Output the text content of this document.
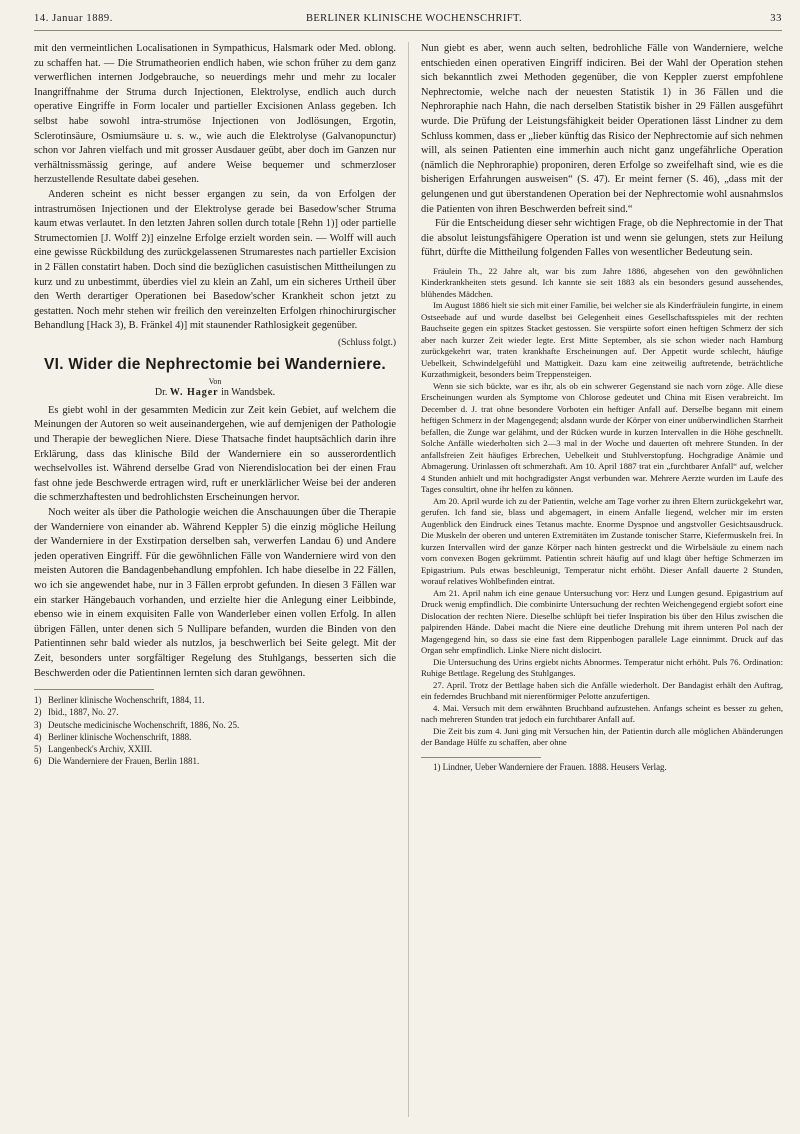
14. Januar 1889.	BERLINER KLINISCHE WOCHENSCHRIFT.	33

mit den vermeintlichen Localisationen in Sympathicus, Halsmark oder Med. oblong. zu schaffen hat. — Die Strumatheorien endlich haben, wie schon früher zu dem ganz verwerflichen internen Jodgebrauche, so neuerdings mehr und mehr zu localer Inangriffnahme der Struma durch Injectionen, Elektrolyse, endlich auch durch operative Eingriffe in Form localer und partieller Excisionen Anlass gegeben. Ich selbst habe sowohl intra-strumöse Injectionen von Jodlösungen, Ergotin, Sclerotinsäure, Osmiumsäure u. s. w., wie auch die Elektrolyse (Galvanopunctur) schon vor Jahren vielfach und mit grosser Ausdauer geübt, aber doch im Ganzen nur verhältnissmässig geringe, auf andere Weise bequemer und schmerzloser herzustellende Resultate dabei gesehen.

Anderen scheint es nicht besser ergangen zu sein, da von Erfolgen der intrastrumösen Injectionen und der Elektrolyse gerade bei Basedow'scher Struma kaum etwas verlautet. In den letzten Jahren sollen durch totale [Rehn 1)] oder partielle Strumectomien [J. Wolff 2)] einzelne Erfolge erzielt worden sein. — Wolff will auch eine gewisse Rückbildung des zurückgelassenen Strumarestes nach partieller Excision in 2 Fällen constatirt haben. Doch sind die bezüglichen casuistischen Mittheilungen zu kurz und zu unbestimmt, überdies viel zu klein an Zahl, um ein sicheres Urtheil über den Werth derartiger Operationen bei Basedow'scher Krankheit schon jetzt zu gestatten. Noch mehr stehen wir freilich den vereinzelten Erfolgen rhinochirurgischer Behandlung [Hack 3), B. Fränkel 4)] mit staunender Rathlosigkeit gegenüber.

(Schluss folgt.)

VI. Wider die Nephrectomie bei Wanderniere.
Von
Dr. W. Hager in Wandsbek.

Es giebt wohl in der gesammten Medicin zur Zeit kein Gebiet, auf welchem die Meinungen der Autoren so weit auseinandergehen, wie auf demjenigen der Pathologie und Therapie der beweglichen Niere. Diese Thatsache findet hauptsächlich darin ihre Erklärung, dass das klinische Bild der Wanderniere ein so ausserordentlich wechselvolles ist. Während derselbe Grad von Nierendislocation bei der einen Frau fast ohne jede Beschwerde ertragen wird, ruft er unerklärlicher Weise bei der anderen die schmerzhaftesten und bedrohlichsten Erscheinungen hervor.

Noch weiter als über die Pathologie weichen die Anschauungen über die Therapie der Wanderniere von einander ab. Während Keppler 5) die einzig mögliche Heilung der Wanderniere in der Exstirpation derselben sah, verwerfen Landau 6) und Andere jeden operativen Eingriff. Für die gewöhnlichen Fälle von Wanderniere wird von den meisten Autoren die Bandagenbehandlung empfohlen. Ich habe dieselbe in 22 Fällen, wo ich sie angewendet habe, nur in 3 Fällen erprobt gefunden. In diesen 3 Fällen war ein starker Hängebauch vorhanden, und erzielte hier die Anlegung einer Leibbinde, ebenso wie in einem exquisiten Falle von Wanderleber einen vollen Erfolg. In allen übrigen Fällen, unter denen sich 5 Nullipare befanden, wurden die Binden von den Patientinnen sehr bald wieder als nutzlos, ja beschwerlich bei Seite gelegt. Mit der Zeit, besonders unter sorgfältiger Regelung des Stuhlgangs, besserten sich die Beschwerden oder die Patientinnen lernten sich daran gewöhnen.

1) Berliner klinische Wochenschrift, 1884, 11.
2) Ibid., 1887, No. 27.
3) Deutsche medicinische Wochenschrift, 1886, No. 25.
4) Berliner klinische Wochenschrift, 1888.
5) Langenbeck's Archiv, XXIII.
6) Die Wanderniere der Frauen, Berlin 1881.

Nun giebt es aber, wenn auch selten, bedrohliche Fälle von Wanderniere, welche entschieden einen operativen Eingriff indiciren. Bei der Wahl der Operation stehen sich bekanntlich zwei Methoden gegenüber, die von Keppler zuerst empfohlene Nephrectomie, welche nach der neuesten Statistik 1) in 36 Fällen und die Nephroraphie nach Hahn, die nach derselben Statistik bisher in 29 Fällen ausgeführt wurde. Die Prüfung der Leistungsfähigkeit beider Operationen lässt Lindner zu dem Schluss kommen, dass er „lieber künftig das Risico der Nephrectomie auf sich nehmen will, als seinen Patienten eine immerhin auch nicht ganz ungefährliche Operation (nämlich die Nephroraphie) proponiren, deren Erfolge so zweifelhaft sind, wie es die bisherigen Erfahrungen ausweisen“ (S. 47). Er meint ferner (S. 46), „dass mit der gelungenen und gut überstandenen Operation bei der Nephrectomie wohl ausnahmslos die Patienten von ihren Beschwerden befreit sind.“

Für die Entscheidung dieser sehr wichtigen Frage, ob die Nephrectomie in der That die absolut leistungsfähigere Operation ist und wenn sie gelungen, stets zur Heilung führt, dürfte die Mittheilung folgenden Falles von wesentlicher Bedeutung sein.

Fräulein Th., 22 Jahre alt, war bis zum Jahre 1886, abgesehen von den gewöhnlichen Kinderkrankheiten stets gesund. Ich kannte sie seit 1883 als ein besonders gesund aussehendes, blühendes Mädchen.

Im August 1886 hielt sie sich mit einer Familie, bei welcher sie als Kinderfräulein fungirte, in einem Ostseebade auf und wurde daselbst bei Gelegenheit eines Gesellschaftsspieles mit der rechten Bauchseite gegen ein spitzes Stacket gestossen. Sie verspürte sofort einen heftigen Schmerz der sich aber nach kurzer Zeit wieder legte. Erst Mitte September, als sie schon wieder nach Hamburg zurückgekehrt war, traten krankhafte Erscheinungen auf. Der Appetit wurde schlecht, häufige Uebelkeit, Schwindelgefühl und Mattigkeit. Dazu kam eine zeitweilig auftretende, beträchtliche Kurzathmigkeit, besonders beim Treppensteigen.

Wenn sie sich bückte, war es ihr, als ob ein schwerer Gegenstand sie nach vorn zöge. Alle diese Erscheinungen wurden als Symptome von Chlorose gedeutet und China mit Eisen verabreicht. Im December d. J. trat ohne besondere Vorboten ein heftiger Anfall auf. Derselbe begann mit einem heftigen Schmerz in der Magengegend; alsdann wurde der Körper von einer unüberwindlichen Starrheit befallen, die Zunge war gelähmt, und der Rücken wurde in kurzen Intervallen in die Höhe geschnellt. Solche Anfälle wiederholten sich 2—3 mal in der Woche und dauerten oft mehrere Stunden. In der anfallsfreien Zeit häufiges Erbrechen, Uebelkeit und Stuhlverstopfung. Hochgradige Anämie und Abmagerung. Urinlassen oft schmerzhaft. Am 10. April 1887 trat ein „furchtbarer Anfall“ auf, welcher 4 Stunden anhielt und mit hochgradigster Angst verbunden war. Mehrere Aerzte wurden im Laufe des Tages consultirt, ohne ihr helfen zu können.

Am 20. April wurde ich zu der Patientin, welche am Tage vorher zu ihren Eltern zurückgekehrt war, gerufen. Ich fand sie, blass und abgemagert, in einem Anfalle liegend, welcher mir im ersten Augenblick den Eindruck eines Tetanus machte. Enorme Dyspnoe und angstvoller Gesichtsausdruck. Die Muskeln der oberen und unteren Extremitäten im Zustande tonischer Starre, Kiefermuskeln frei. In kurzen Intervallen wird der ganze Körper nach hinten gestreckt und die Wirbelsäule zu einem nach vorn convexen Bogen gekrümmt. Patientin schreit häufig auf und klagt über heftige Schmerzen im Epigastrium. Puls etwas beschleunigt, Temperatur nicht erhöht. Dieser Anfall dauerte 2 Stunden, worauf relatives Wohlbefinden eintrat.

Am 21. April nahm ich eine genaue Untersuchung vor: Herz und Lungen gesund. Epigastrium auf Druck wenig empfindlich. Die combinirte Untersuchung der rechten Weichengegend ergiebt sofort eine Dislocation der rechten Niere. Dieselbe schlüpft bei tiefer Inspiration bis über den Hilus zwischen die palpirenden Hände. Dabei macht die Niere eine deutliche Drehung mit ihrem unteren Pol nach der Magengegend hin, so dass sie eine fast dem Rippenbogen parallele Lage einnimmt. Druck auf das Organ sehr empfindlich. Linke Niere nicht dislocirt.

Die Untersuchung des Urins ergiebt nichts Abnormes. Temperatur nicht erhöht. Puls 76. Ordination: Ruhige Bettlage. Regelung des Stuhlganges.

27. April. Trotz der Bettlage haben sich die Anfälle wiederholt. Der Bandagist erhält den Auftrag, ein federndes Bruchband mit nierenförmiger Pelotte anzufertigen.

4. Mai. Versuch mit dem erwähnten Bruchband aufzustehen. Anfangs scheint es besser zu gehen, nach mehreren Stunden trat jedoch ein furchtbarer Anfall auf.

Die Zeit bis zum 4. Juni ging mit Versuchen hin, der Patientin durch alle möglichen Abänderungen der Bandage Hülfe zu schaffen, aber ohne

1) Lindner, Ueber Wanderniere der Frauen. 1888. Heusers Verlag.
